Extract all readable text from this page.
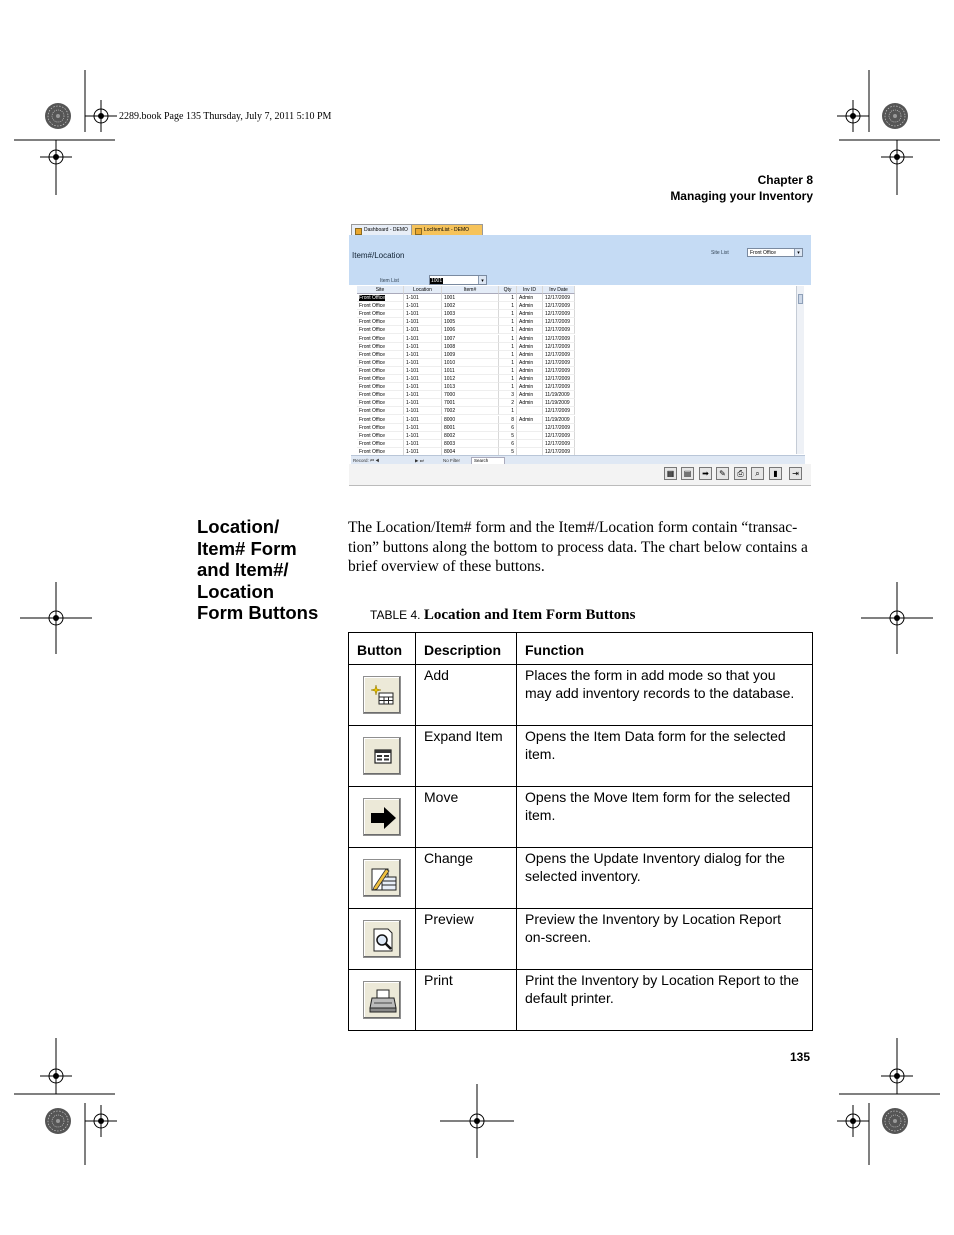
2289.book Page 135 Thursday, July 7, 2011 5:10 PM
Chapter 8
Managing your Inventory
Dashboard - DEMO	LocItemList - DEMO
Item#/Location	Site List	Front Office	▾
Item List	1001	▾
Site	Location	Item#	Qty	Inv ID	Inv Date
Front Office	1-101	1001	1	Admin	12/17/2009
Front Office	1-101	1002	1	Admin	12/17/2009
Front Office	1-101	1003	1	Admin	12/17/2009
Front Office	1-101	1005	1	Admin	12/17/2009
Front Office	1-101	1006	1	Admin	12/17/2009
Front Office	1-101	1007	1	Admin	12/17/2009
Front Office	1-101	1008	1	Admin	12/17/2009
Front Office	1-101	1009	1	Admin	12/17/2009
Front Office	1-101	1010	1	Admin	12/17/2009
Front Office	1-101	1011	1	Admin	12/17/2009
Front Office	1-101	1012	1	Admin	12/17/2009
Front Office	1-101	1013	1	Admin	12/17/2009
Front Office	1-101	7000	3	Admin	11/19/2009
Front Office	1-101	7001	2	Admin	11/19/2009
Front Office	1-101	7002	1	12/17/2009
Front Office	1-101	8000	8	Admin	11/19/2009
Front Office	1-101	8001	6	12/17/2009
Front Office	1-101	8002	5	12/17/2009
Front Office	1-101	8003	6	12/17/2009
Front Office	1-101	8004	5	12/17/2009
Record: ⏮ ◀	▶ ⏭	No Filter	Search
▦	▤	➡	✎	⎙	⌕	▮	⇥
Location/
Item# Form
and Item#/
Location
Form Buttons
The Location/Item# form and the Item#/Location form contain “transac-tion” buttons along the bottom to process data. The chart below contains a brief overview of these buttons.
TABLE 4. Location and Item Form Buttons
Button	Description	Function

	Add	Places the form in add mode so that you may add inventory records to the database.

	Expand Item	Opens the Item Data form for the selected item.

	Move	Opens the Move Item form for the selected item.

	Change	Opens the Update Inventory dialog for the selected inventory.

	Preview	Preview the Inventory by Location Report on-screen.

	Print	Print the Inventory by Location Report to the default printer.
135
